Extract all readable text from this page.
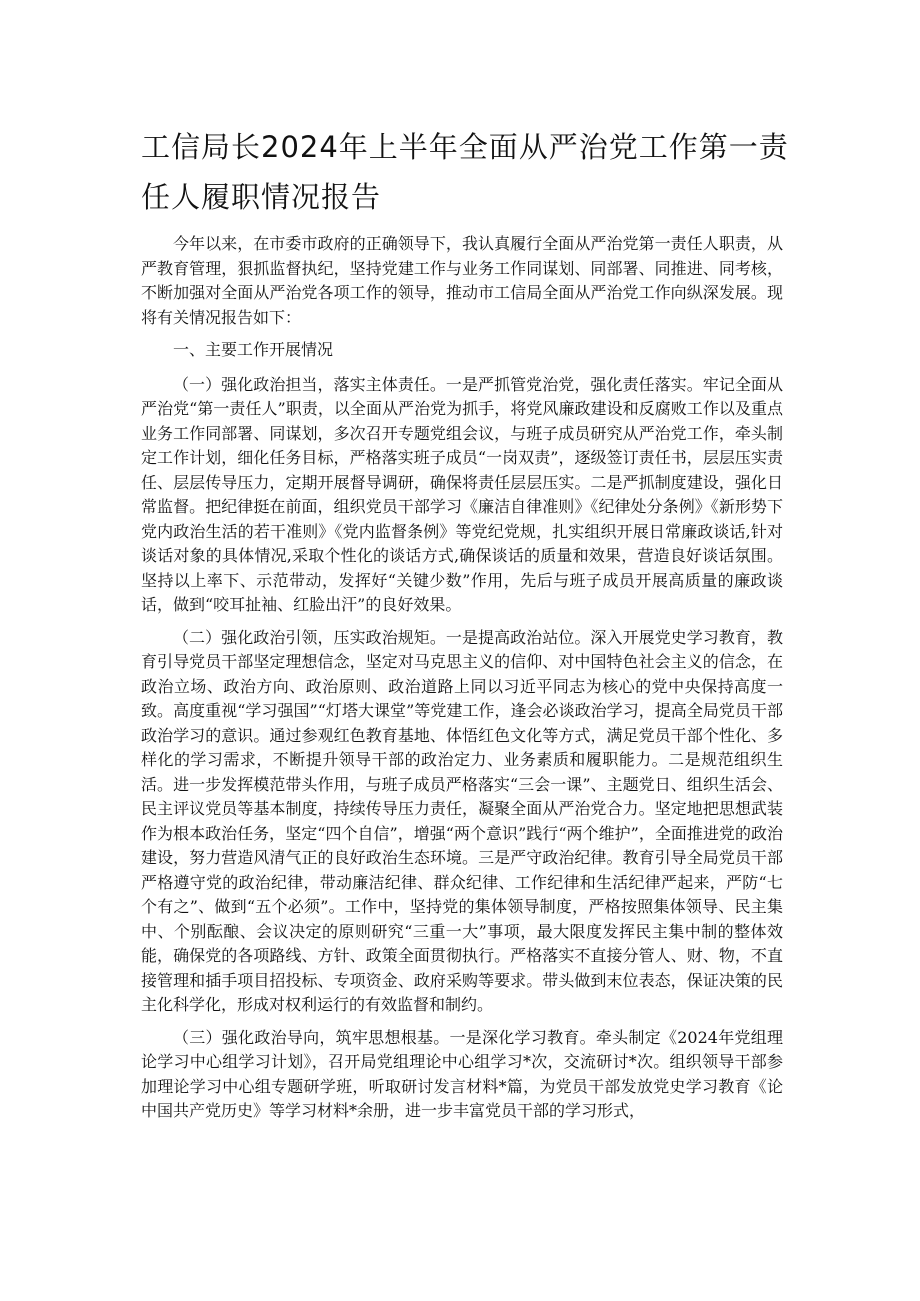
工信局长2024年上半年全面从严治党工作第一责任人履职情况报告

今年以来，在市委市政府的正确领导下，我认真履行全面从严治党第一责任人职责，从严教育管理，狠抓监督执纪，坚持党建工作与业务工作同谋划、同部署、同推进、同考核，不断加强对全面从严治党各项工作的领导，推动市工信局全面从严治党工作向纵深发展。现将有关情况报告如下：

一、主要工作开展情况

（一）强化政治担当，落实主体责任。一是严抓管党治党，强化责任落实。牢记全面从严治党“第一责任人”职责，以全面从严治党为抓手，将党风廉政建设和反腐败工作以及重点业务工作同部署、同谋划，多次召开专题党组会议，与班子成员研究从严治党工作，牵头制定工作计划，细化任务目标，严格落实班子成员“一岗双责”，逐级签订责任书，层层压实责任、层层传导压力，定期开展督导调研，确保将责任层层压实。二是严抓制度建设，强化日常监督。把纪律挺在前面，组织党员干部学习《廉洁自律准则》《纪律处分条例》《新形势下党内政治生活的若干准则》《党内监督条例》等党纪党规，扎实组织开展日常廉政谈话,针对谈话对象的具体情况,采取个性化的谈话方式,确保谈话的质量和效果，营造良好谈话氛围。坚持以上率下、示范带动，发挥好“关键少数”作用，先后与班子成员开展高质量的廉政谈话，做到“咬耳扯袖、红脸出汗”的良好效果。

（二）强化政治引领，压实政治规矩。一是提高政治站位。深入开展党史学习教育，教育引导党员干部坚定理想信念，坚定对马克思主义的信仰、对中国特色社会主义的信念，在政治立场、政治方向、政治原则、政治道路上同以习近平同志为核心的党中央保持高度一致。高度重视“学习强国”“灯塔大课堂”等党建工作，逢会必谈政治学习，提高全局党员干部政治学习的意识。通过参观红色教育基地、体悟红色文化等方式，满足党员干部个性化、多样化的学习需求，不断提升领导干部的政治定力、业务素质和履职能力。二是规范组织生活。进一步发挥模范带头作用，与班子成员严格落实“三会一课”、主题党日、组织生活会、民主评议党员等基本制度，持续传导压力责任，凝聚全面从严治党合力。坚定地把思想武装作为根本政治任务，坚定“四个自信”，增强“两个意识”践行“两个维护”，全面推进党的政治建设，努力营造风清气正的良好政治生态环境。三是严守政治纪律。教育引导全局党员干部严格遵守党的政治纪律，带动廉洁纪律、群众纪律、工作纪律和生活纪律严起来，严防“七个有之”、做到“五个必须”。工作中，坚持党的集体领导制度，严格按照集体领导、民主集中、个别酝酿、会议决定的原则研究“三重一大”事项，最大限度发挥民主集中制的整体效能，确保党的各项路线、方针、政策全面贯彻执行。严格落实不直接分管人、财、物，不直接管理和插手项目招投标、专项资金、政府采购等要求。带头做到末位表态，保证决策的民主化科学化，形成对权利运行的有效监督和制约。

（三）强化政治导向，筑牢思想根基。一是深化学习教育。牵头制定《2024年党组理论学习中心组学习计划》，召开局党组理论中心组学习*次，交流研讨*次。组织领导干部参加理论学习中心组专题研学班，听取研讨发言材料*篇，为党员干部发放党史学习教育《论中国共产党历史》等学习材料*余册，进一步丰富党员干部的学习形式，
